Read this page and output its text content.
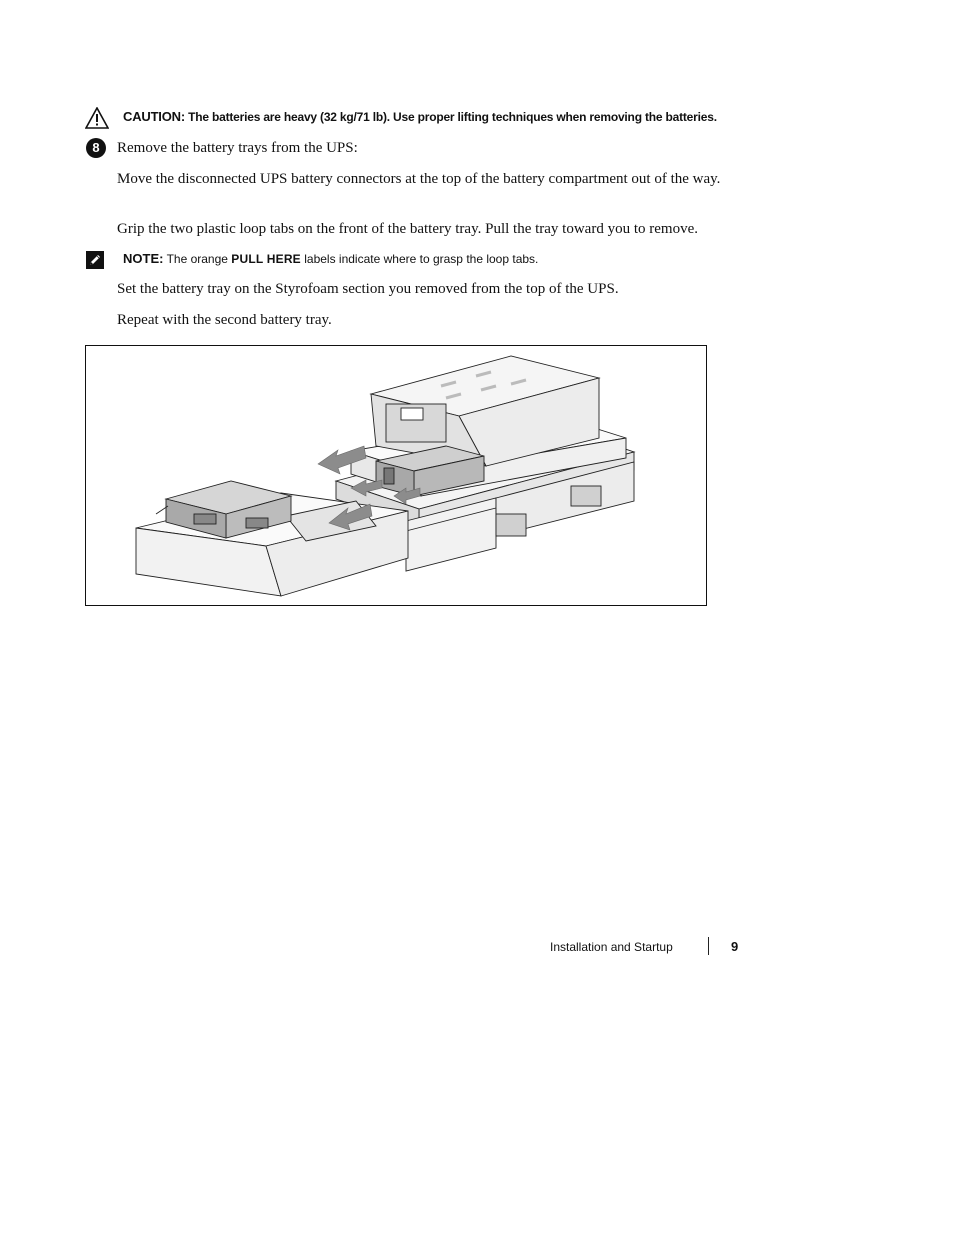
CAUTION: The batteries are heavy (32 kg/71 lb). Use proper lifting techniques when removing the batteries.
8	Remove the battery trays from the UPS:
Move the disconnected UPS battery connectors at the top of the battery compartment out of the way.
Grip the two plastic loop tabs on the front of the battery tray. Pull the tray toward you to remove.
NOTE: The orange PULL HERE labels indicate where to grasp the loop tabs.
Set the battery tray on the Styrofoam section you removed from the top of the UPS.
Repeat with the second battery tray.
Installation and Startup	9
